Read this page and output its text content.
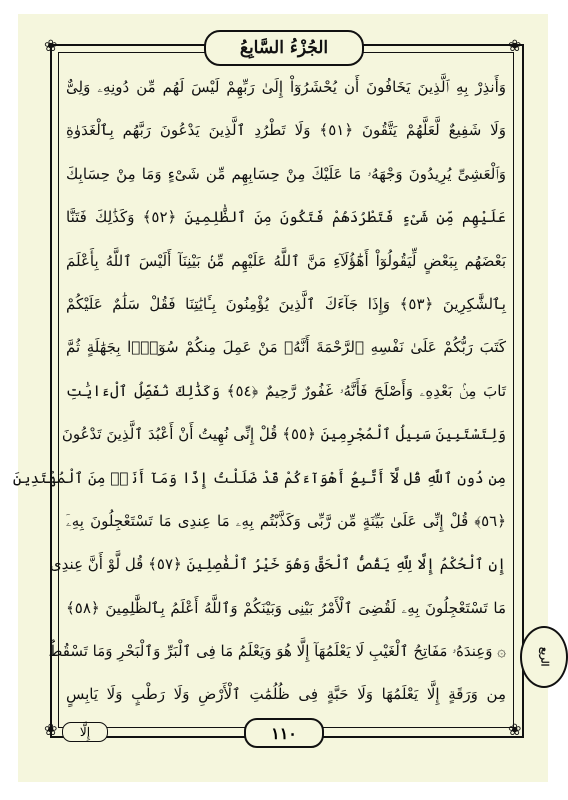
❀	❀
❀	❀
الجُزْءُ السَّابِعُ
وَأَنذِرْ بِهِ ٱلَّذِينَ يَخَافُونَ أَن يُحْشَرُوٓاْ إِلَىٰ رَبِّهِمْ لَيْسَ لَهُم مِّن دُونِهِۦ وَلِىٌّ
وَلَا شَفِيعٌ لَّعَلَّهُمْ يَتَّقُونَ ﴿٥١﴾ وَلَا تَطْرُدِ ٱلَّذِينَ يَدْعُونَ رَبَّهُم بِٱلْغَدَوٰةِ
وَٱلْعَشِىِّ يُرِيدُونَ وَجْهَهُۥ مَا عَلَيْكَ مِنْ حِسَابِهِم مِّن شَىْءٍ وَمَا مِنْ حِسَابِكَ
عَلَيْهِم مِّن شَىْءٍ فَتَطْرُدَهُمْ فَتَكُونَ مِنَ ٱلظَّٰلِمِينَ ﴿٥٢﴾ وَكَذَٰلِكَ فَتَنَّا
بَعْضَهُم بِبَعْضٍ لِّيَقُولُوٓاْ أَهَٰٓؤُلَآءِ مَنَّ ٱللَّهُ عَلَيْهِم مِّنۢ بَيْنِنَآ أَلَيْسَ ٱللَّهُ بِأَعْلَمَ
بِٱلشَّٰكِرِينَ ﴿٥٣﴾ وَإِذَا جَآءَكَ ٱلَّذِينَ يُؤْمِنُونَ بِـَٔايَٰتِنَا فَقُلْ سَلَٰمٌ عَلَيْكُمْ
كَتَبَ رَبُّكُمْ عَلَىٰ نَفْسِهِ ٱلرَّحْمَةَ أَنَّهُۥ مَنْ عَمِلَ مِنكُمْ سُوٓءًۢا بِجَهَٰلَةٍ ثُمَّ
تَابَ مِنۢ بَعْدِهِۦ وَأَصْلَحَ فَأَنَّهُۥ غَفُورٌ رَّحِيمٌ ﴿٥٤﴾ وَكَذَٰلِكَ نُفَصِّلُ ٱلْءَايَٰتِ
وَلِتَسْتَبِينَ سَبِيلُ ٱلْمُجْرِمِينَ ﴿٥٥﴾ قُلْ إِنِّى نُهِيتُ أَنْ أَعْبُدَ ٱلَّذِينَ تَدْعُونَ
مِن دُونِ ٱللَّهِ قُل لَّآ أَتَّبِعُ أَهْوَآءَكُمْ قَدْ ضَلَلْتُ إِذًا وَمَآ أَنَا۠ مِنَ ٱلْمُهْتَدِينَ
﴿٥٦﴾ قُلْ إِنِّى عَلَىٰ بَيِّنَةٍ مِّن رَّبِّى وَكَذَّبْتُم بِهِۦ مَا عِندِى مَا تَسْتَعْجِلُونَ بِهِۦٓ
إِنِ ٱلْحُكْمُ إِلَّا لِلَّهِ يَقُصُّ ٱلْحَقَّ وَهُوَ خَيْرُ ٱلْفَٰصِلِينَ ﴿٥٧﴾ قُل لَّوْ أَنَّ عِندِى
مَا تَسْتَعْجِلُونَ بِهِۦ لَقُضِىَ ٱلْأَمْرُ بَيْنِى وَبَيْنَكُمْ وَٱللَّهُ أَعْلَمُ بِٱلظَّٰلِمِينَ ﴿٥٨﴾
۞ وَعِندَهُۥ مَفَاتِحُ ٱلْغَيْبِ لَا يَعْلَمُهَآ إِلَّا هُوَ وَيَعْلَمُ مَا فِى ٱلْبَرِّ وَٱلْبَحْرِ وَمَا تَسْقُطُ
مِن وَرَقَةٍ إِلَّا يَعْلَمُهَا وَلَا حَبَّةٍ فِى ظُلُمَٰتِ ٱلْأَرْضِ وَلَا رَطْبٍ وَلَا يَابِسٍ
الربع
إِلَّا	١١٠
